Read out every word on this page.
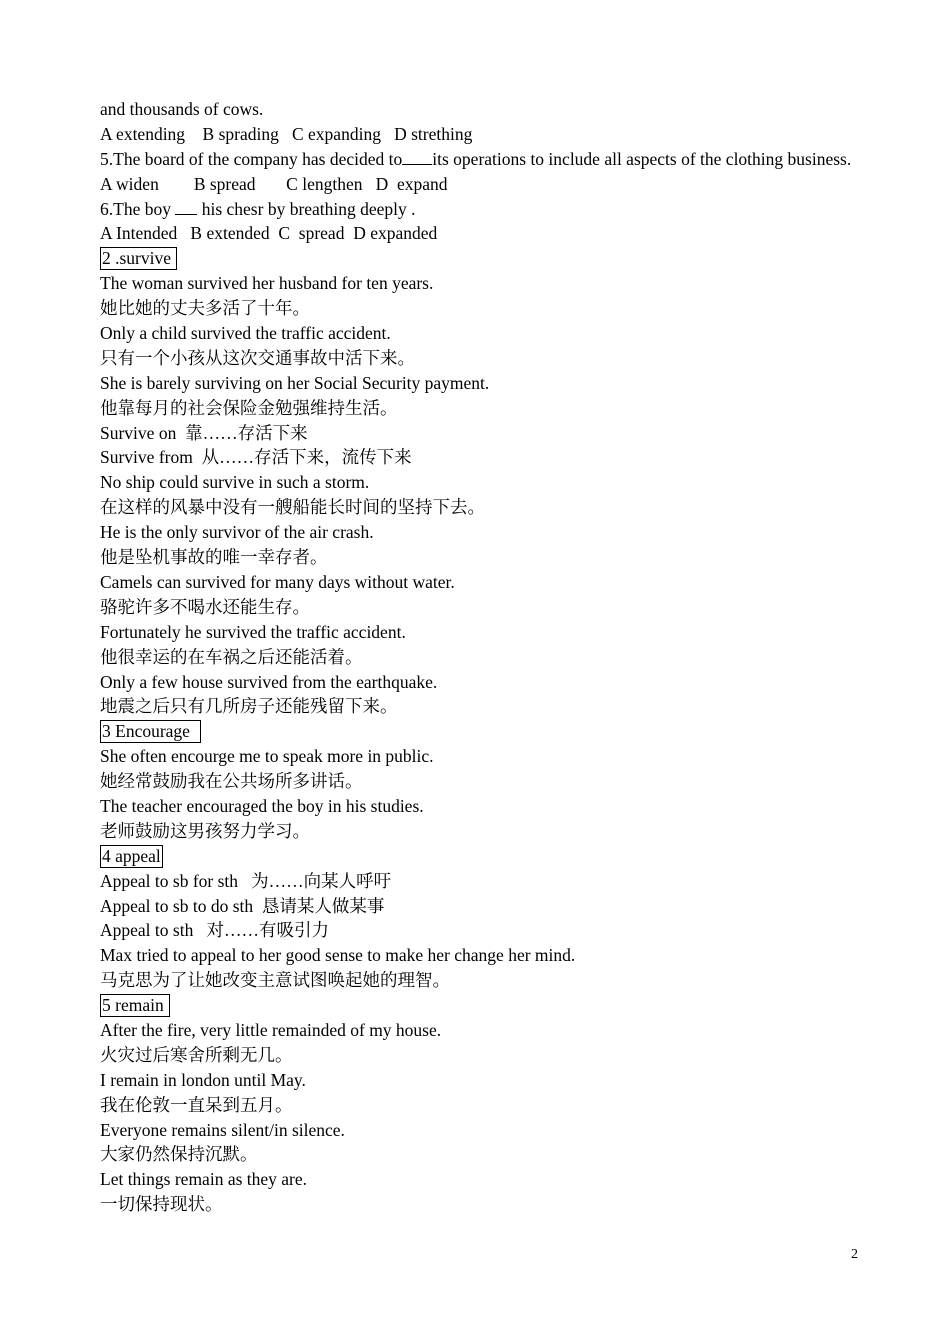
and thousands of cows.
A extending    B sprading   C expanding   D strething
5.The board of the company has decided to its operations to include all aspects of the clothing business.
A widen        B spread       C lengthen   D  expand
6.The boy  his chesr by breathing deeply .
A Intended   B extended  C  spread  D expanded
2 .survive
The woman survived her husband for ten years.
她比她的丈夫多活了十年。
Only a child survived the traffic accident.
只有一个小孩从这次交通事故中活下来。
She is barely surviving on her Social Security payment.
他靠每月的社会保险金勉强维持生活。
Survive on  靠……存活下来
Survive from  从……存活下来，流传下来
No ship could survive in such a storm.
在这样的风暴中没有一艘船能长时间的坚持下去。
He is the only survivor of the air crash.
他是坠机事故的唯一幸存者。
Camels can survived for many days without water.
骆驼许多不喝水还能生存。
Fortunately he survived the traffic accident.
他很幸运的在车祸之后还能活着。
Only a few house survived from the earthquake.
地震之后只有几所房子还能残留下来。
3 Encourage
She often encourge me to speak more in public.
她经常鼓励我在公共场所多讲话。
The teacher encouraged the boy in his studies.
老师鼓励这男孩努力学习。
4 appeal
Appeal to sb for sth   为……向某人呼吁
Appeal to sb to do sth  恳请某人做某事
Appeal to sth   对……有吸引力
Max tried to appeal to her good sense to make her change her mind.
马克思为了让她改变主意试图唤起她的理智。
5 remain
After the fire, very little remainded of my house.
火灾过后寒舍所剩无几。
I remain in london until May.
我在伦敦一直呆到五月。
Everyone remains silent/in silence.
大家仍然保持沉默。
Let things remain as they are.
一切保持现状。
2
